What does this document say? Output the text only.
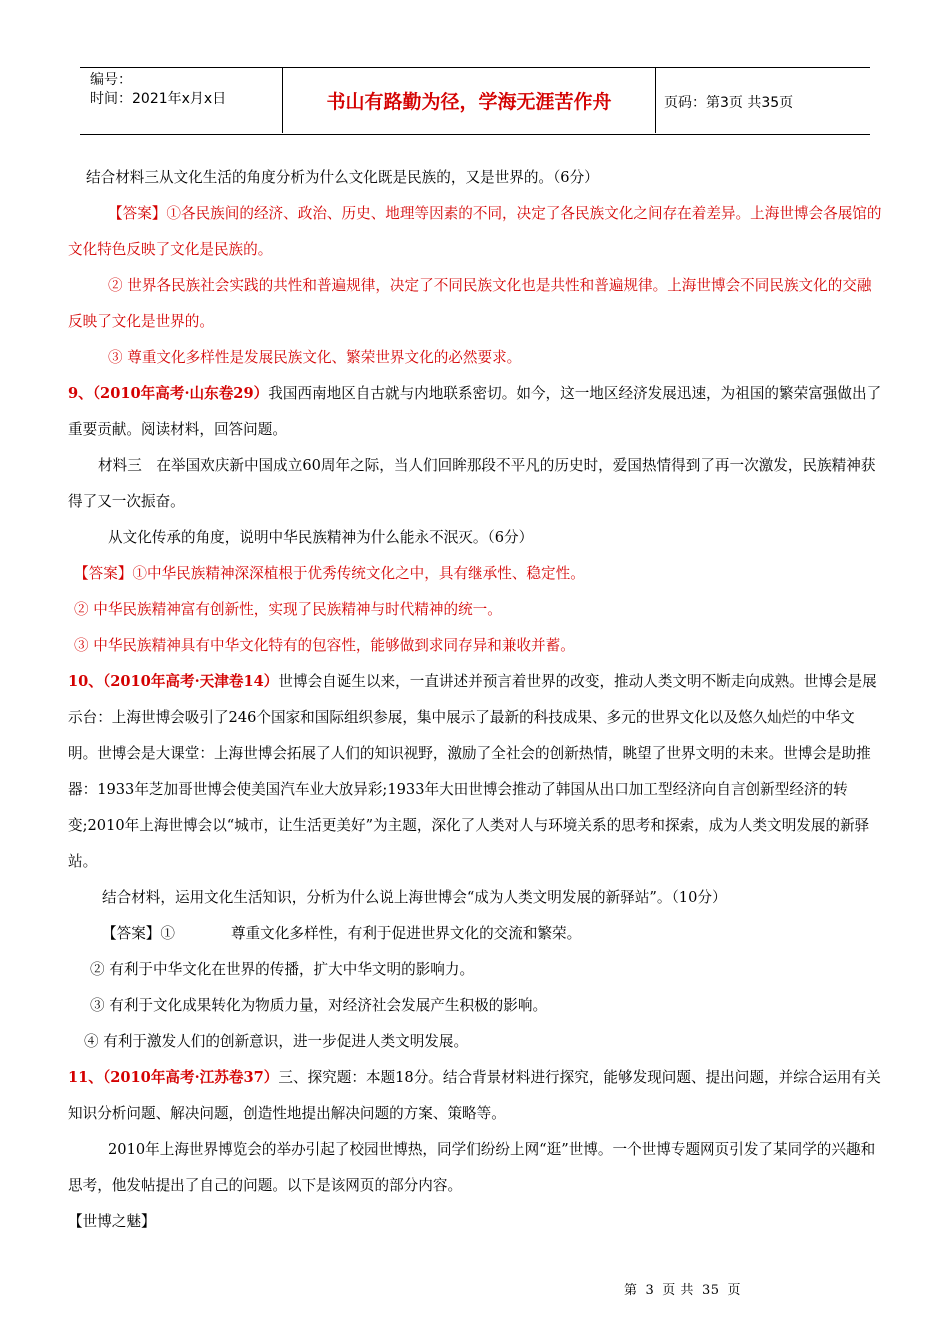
编号：
时间：2021年x月x日	书山有路勤为径，学海无涯苦作舟	页码：第3页 共35页

结合材料三从文化生活的角度分析为什么文化既是民族的，又是世界的。（6分）

【答案】①各民族间的经济、政治、历史、地理等因素的不同，决定了各民族文化之间存在着差异。上海世博会各展馆的文化特色反映了文化是民族的。

② 世界各民族社会实践的共性和普遍规律，决定了不同民族文化也是共性和普遍规律。上海世博会不同民族文化的交融反映了文化是世界的。

③ 尊重文化多样性是发展民族文化、繁荣世界文化的必然要求。

9、（2010年高考·山东卷29）我国西南地区自古就与内地联系密切。如今，这一地区经济发展迅速，为祖国的繁荣富强做出了重要贡献。阅读材料，回答问题。

材料三　在举国欢庆新中国成立60周年之际，当人们回眸那段不平凡的历史时，爱国热情得到了再一次激发，民族精神获得了又一次振奋。

从文化传承的角度，说明中华民族精神为什么能永不泯灭。（6分）

【答案】①中华民族精神深深植根于优秀传统文化之中，具有继承性、稳定性。

② 中华民族精神富有创新性，实现了民族精神与时代精神的统一。

③ 中华民族精神具有中华文化特有的包容性，能够做到求同存异和兼收并蓄。

10、（2010年高考·天津卷14）世博会自诞生以来，一直讲述并预言着世界的改变，推动人类文明不断走向成熟。世博会是展示台：上海世博会吸引了246个国家和国际组织参展，集中展示了最新的科技成果、多元的世界文化以及悠久灿烂的中华文明。世博会是大课堂：上海世博会拓展了人们的知识视野，激励了全社会的创新热情，眺望了世界文明的未来。世博会是助推器：1933年芝加哥世博会使美国汽车业大放异彩;1933年大田世博会推动了韩国从出口加工型经济向自言创新型经济的转变;2010年上海世博会以“城市，让生活更美好”为主题，深化了人类对人与环境关系的思考和探索，成为人类文明发展的新驿站。

结合材料，运用文化生活知识，分析为什么说上海世博会“成为人类文明发展的新驿站”。（10分）

【答案】①	尊重文化多样性，有利于促进世界文化的交流和繁荣。

② 有利于中华文化在世界的传播，扩大中华文明的影响力。

③ 有利于文化成果转化为物质力量，对经济社会发展产生积极的影响。

④ 有利于激发人们的创新意识，进一步促进人类文明发展。

11、（2010年高考·江苏卷37）三、探究题：本题18分。结合背景材料进行探究，能够发现问题、提出问题，并综合运用有关知识分析问题、解决问题，创造性地提出解决问题的方案、策略等。

2010年上海世界博览会的举办引起了校园世博热，同学们纷纷上网“逛”世博。一个世博专题网页引发了某同学的兴趣和思考，他发帖提出了自己的问题。以下是该网页的部分内容。

【世博之魅】

第 3 页 共 35 页
